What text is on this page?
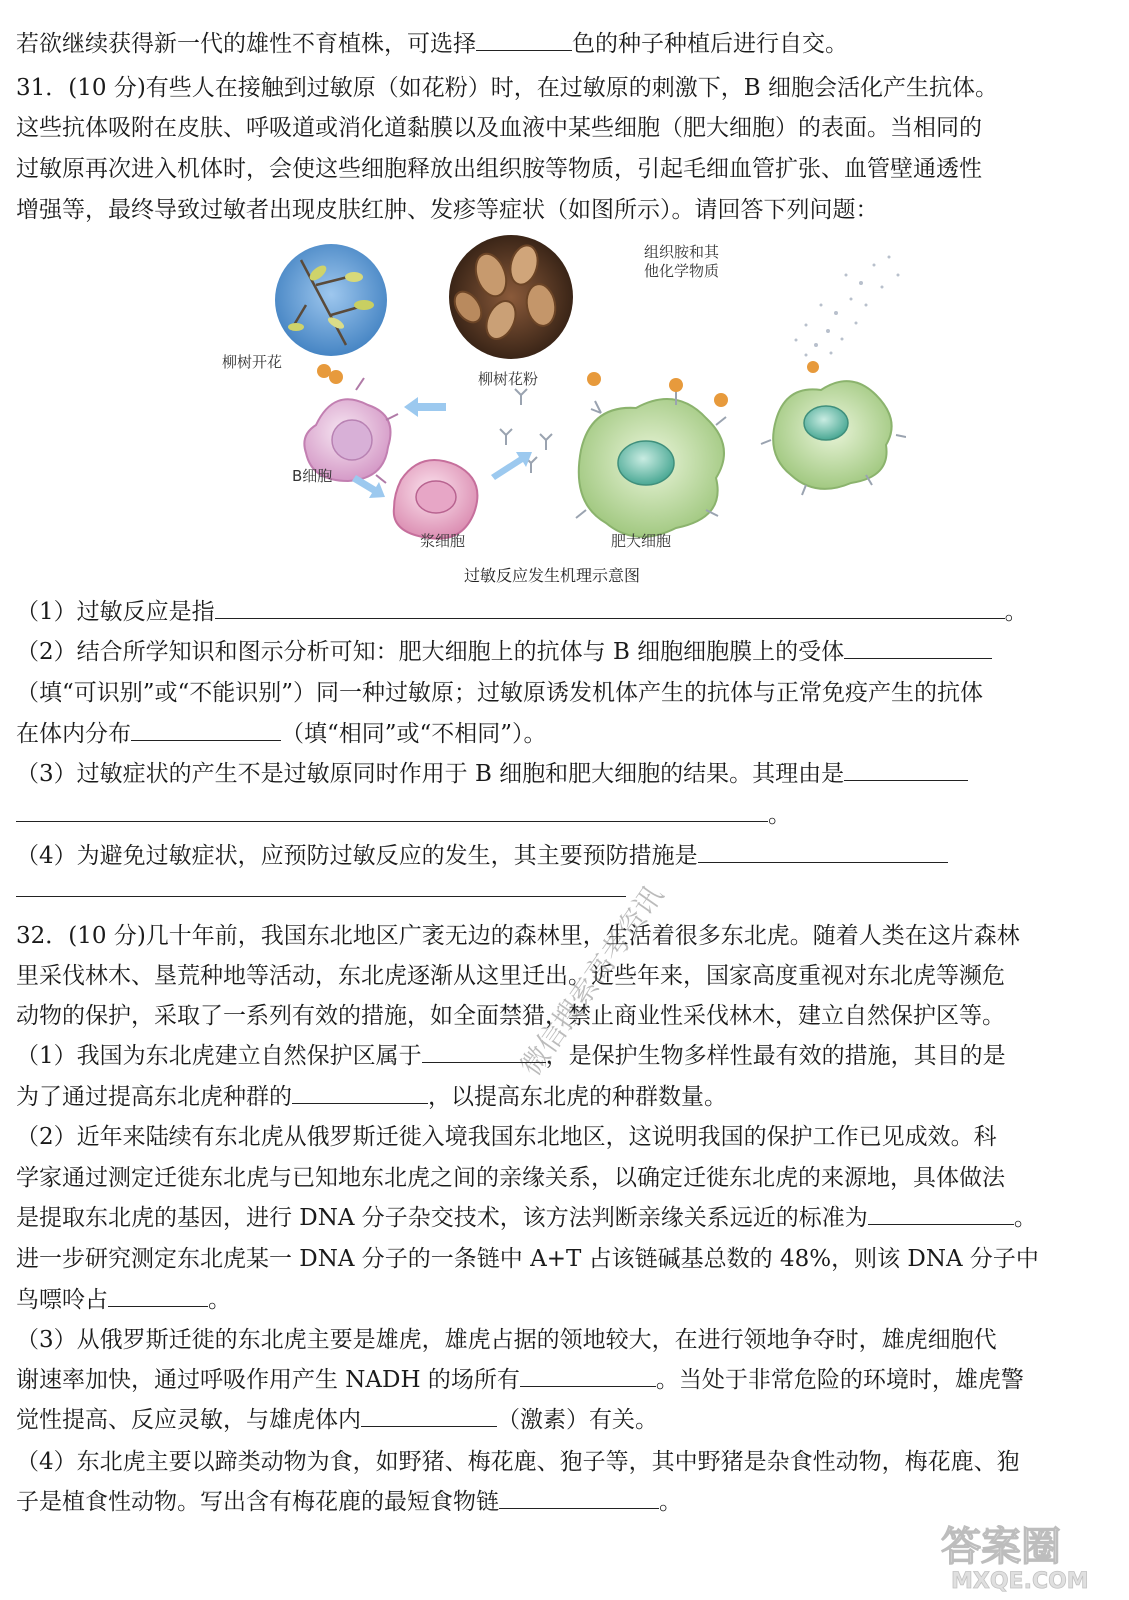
若欲继续获得新一代的雄性不育植株，可选择	色的种子种植后进行自交。
31．(10 分)有些人在接触到过敏原（如花粉）时，在过敏原的刺激下，B 细胞会活化产生抗体。
这些抗体吸附在皮肤、呼吸道或消化道黏膜以及血液中某些细胞（肥大细胞）的表面。当相同的
过敏原再次进入机体时，会使这些细胞释放出组织胺等物质，引起毛细血管扩张、血管壁通透性
增强等，最终导致过敏者出现皮肤红肿、发疹等症状（如图所示）。请回答下列问题：
柳树开花
柳树花粉
组织胺和其
他化学物质
B细胞
浆细胞	肥大细胞
过敏反应发生机理示意图
（1）过敏反应是指	。
（2）结合所学知识和图示分析可知：肥大细胞上的抗体与 B 细胞细胞膜上的受体
（填“可识别”或“不能识别”）同一种过敏原；过敏原诱发机体产生的抗体与正常免疫产生的抗体
在体内分布	（填“相同”或“不相同”）。
（3）过敏症状的产生不是过敏原同时作用于 B 细胞和肥大细胞的结果。其理由是
。
（4）为避免过敏症状，应预防过敏反应的发生，其主要预防措施是
32．(10 分)几十年前，我国东北地区广袤无边的森林里，生活着很多东北虎。随着人类在这片森林
里采伐林木、垦荒种地等活动，东北虎逐渐从这里迁出。近些年来，国家高度重视对东北虎等濒危
动物的保护，采取了一系列有效的措施，如全面禁猎，禁止商业性采伐林木，建立自然保护区等。
（1）我国为东北虎建立自然保护区属于	，是保护生物多样性最有效的措施，其目的是
为了通过提高东北虎种群的	，以提高东北虎的种群数量。
（2）近年来陆续有东北虎从俄罗斯迁徙入境我国东北地区，这说明我国的保护工作已见成效。科
学家通过测定迁徙东北虎与已知地东北虎之间的亲缘关系，以确定迁徙东北虎的来源地，具体做法
是提取东北虎的基因，进行 DNA 分子杂交技术，该方法判断亲缘关系远近的标准为	。
进一步研究测定东北虎某一 DNA 分子的一条链中 A+T 占该链碱基总数的 48%，则该 DNA 分子中
鸟嘌呤占	。
（3）从俄罗斯迁徙的东北虎主要是雄虎，雄虎占据的领地较大，在进行领地争夺时，雄虎细胞代
谢速率加快，通过呼吸作用产生 NADH 的场所有	。当处于非常危险的环境时，雄虎警
觉性提高、反应灵敏，与雄虎体内	（激素）有关。
（4）东北虎主要以蹄类动物为食，如野猪、梅花鹿、狍子等，其中野猪是杂食性动物，梅花鹿、狍
子是植食性动物。写出含有梅花鹿的最短食物链	。
微信搜索高考资讯
答案圈
MXQE.COM
